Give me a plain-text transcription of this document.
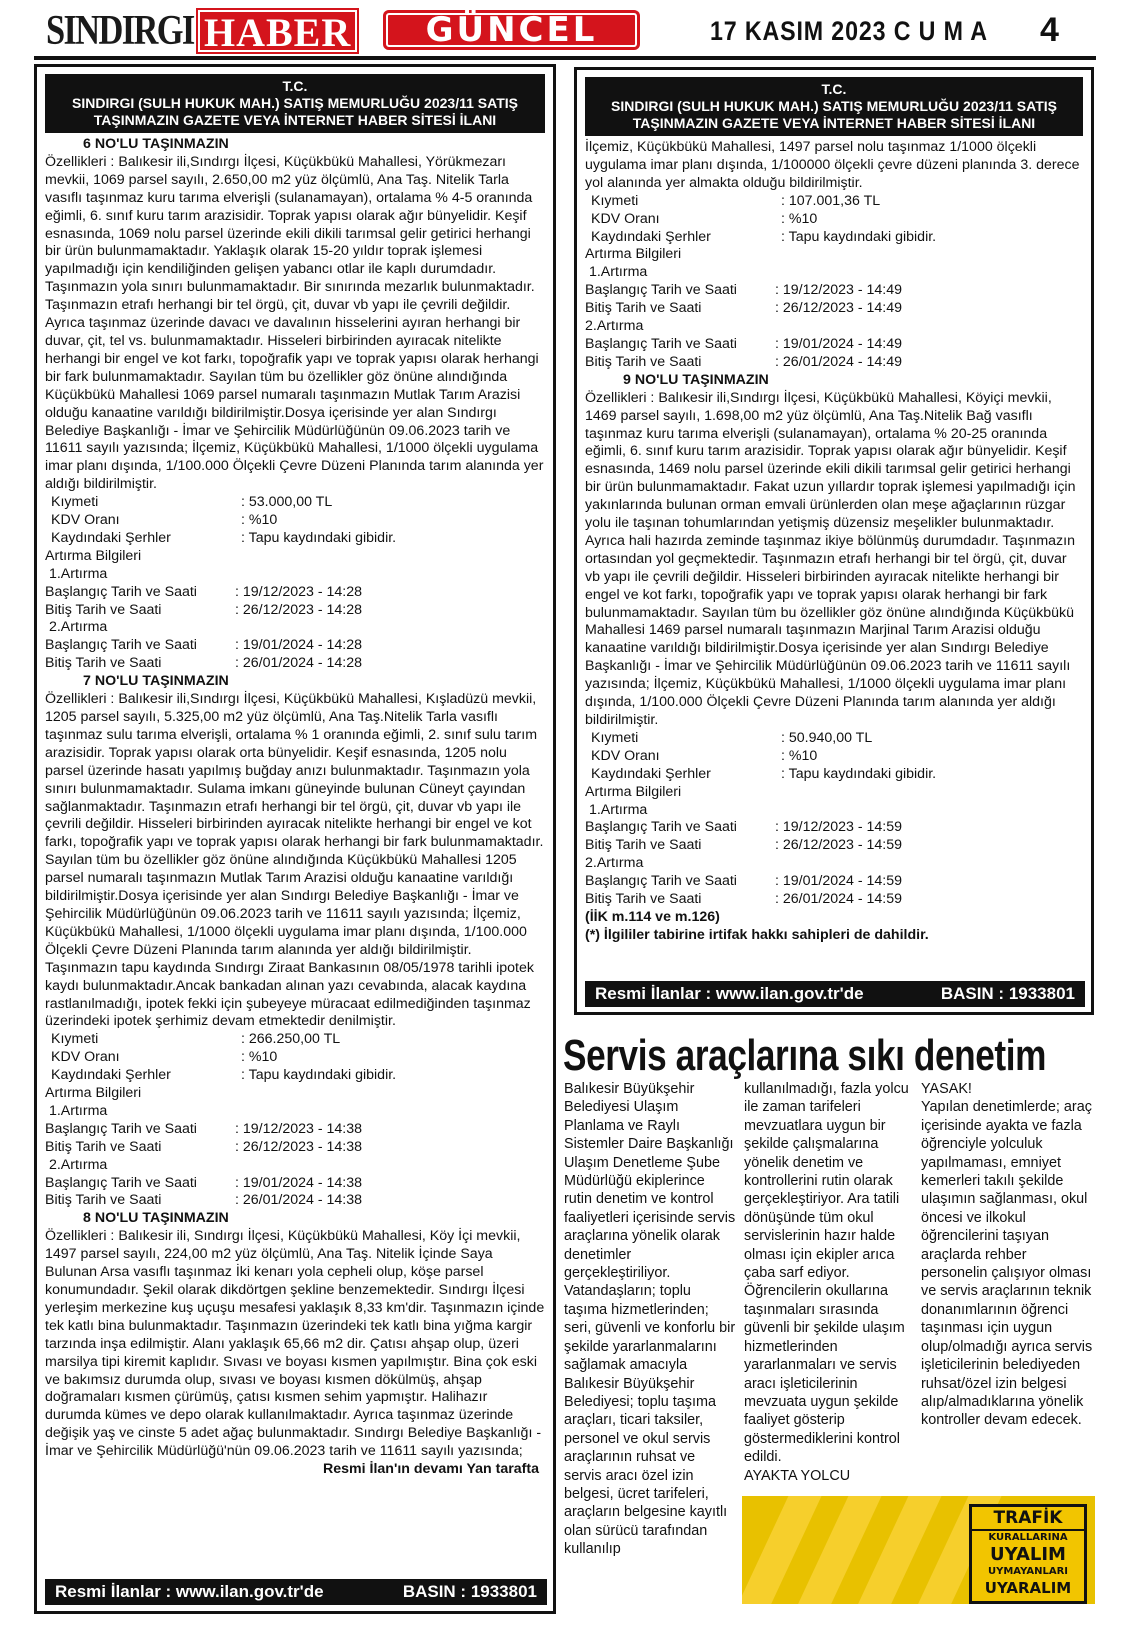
SINDIRGI HABER	GÜNCEL	17 KASIM 2023 C U M A 4
T.C.
SINDIRGI (SULH HUKUK MAH.) SATIŞ MEMURLUĞU 2023/11 SATIŞ
TAŞINMAZIN GAZETE VEYA İNTERNET HABER SİTESİ İLANI

6 NO'LU TAŞINMAZIN

Özellikleri : Balıkesir ili,Sındırgı İlçesi, Küçükbükü Mahallesi, Yörükmezarı mevkii, 1069 parsel sayılı, 2.650,00 m2 yüz ölçümlü, Ana Taş. Nitelik Tarla vasıflı taşınmaz kuru tarıma elverişli (sulanamayan), ortalama % 4-5 oranında eğimli, 6. sınıf kuru tarım arazisidir. Toprak yapısı olarak ağır bünyelidir. Keşif esnasında, 1069 nolu parsel üzerinde ekili dikili tarımsal gelir getirici herhangi bir ürün bulunmamaktadır. Yaklaşık olarak 15-20 yıldır toprak işlemesi yapılmadığı için kendiliğinden gelişen yabancı otlar ile kaplı durumdadır. Taşınmazın yola sınırı bulunmamaktadır. Bir sınırında mezarlık bulunmaktadır. Taşınmazın etrafı herhangi bir tel örgü, çit, duvar vb yapı ile çevrili değildir. Ayrıca taşınmaz üzerinde davacı ve davalının hisselerini ayıran herhangi bir duvar, çit, tel vs. bulunmamaktadır. Hisseleri birbirinden ayıracak nitelikte herhangi bir engel ve kot farkı, topoğrafik yapı ve toprak yapısı olarak herhangi bir fark bulunmamaktadır. Sayılan tüm bu özellikler göz önüne alındığında Küçükbükü Mahallesi 1069 parsel numaralı taşınmazın Mutlak Tarım Arazisi olduğu kanaatine varıldığı bildirilmiştir.Dosya içerisinde yer alan Sındırgı Belediye Başkanlığı - İmar ve Şehircilik Müdürlüğünün 09.06.2023 tarih ve 11611 sayılı yazısında; İlçemiz, Küçükbükü Mahallesi, 1/1000 ölçekli uygulama imar planı dışında, 1/100.000 Ölçekli Çevre Düzeni Planında tarım alanında yer aldığı bildirilmiştir.

Kıymeti	: 53.000,00 TL
KDV Oranı	: %10
Kaydındaki Şerhler	: Tapu kaydındaki gibidir.

Artırma Bilgileri

1.Artırma

Başlangıç Tarih ve Saati	: 19/12/2023 - 14:28
Bitiş Tarih ve Saati	: 26/12/2023 - 14:28

2.Artırma

Başlangıç Tarih ve Saati	: 19/01/2024 - 14:28
Bitiş Tarih ve Saati	: 26/01/2024 - 14:28

7 NO'LU TAŞINMAZIN

Özellikleri : Balıkesir ili,Sındırgı İlçesi, Küçükbükü Mahallesi, Kışladüzü mevkii, 1205 parsel sayılı, 5.325,00 m2 yüz ölçümlü, Ana Taş.Nitelik Tarla vasıflı taşınmaz sulu tarıma elverişli, ortalama % 1 oranında eğimli, 2. sınıf sulu tarım arazisidir. Toprak yapısı olarak orta bünyelidir. Keşif esnasında, 1205 nolu parsel üzerinde hasatı yapılmış buğday anızı bulunmaktadır. Taşınmazın yola sınırı bulunmamaktadır. Sulama imkanı güneyinde bulunan Cüneyt çayından sağlanmaktadır. Taşınmazın etrafı herhangi bir tel örgü, çit, duvar vb yapı ile çevrili değildir. Hisseleri birbirinden ayıracak nitelikte herhangi bir engel ve kot farkı, topoğrafik yapı ve toprak yapısı olarak herhangi bir fark bulunmamaktadır. Sayılan tüm bu özellikler göz önüne alındığında Küçükbükü Mahallesi 1205 parsel numaralı taşınmazın Mutlak Tarım Arazisi olduğu kanaatine varıldığı bildirilmiştir.Dosya içerisinde yer alan Sındırgı Belediye Başkanlığı - İmar ve Şehircilik Müdürlüğünün 09.06.2023 tarih ve 11611 sayılı yazısında; İlçemiz, Küçükbükü Mahallesi, 1/1000 ölçekli uygulama imar planı dışında, 1/100.000 Ölçekli Çevre Düzeni Planında tarım alanında yer aldığı bildirilmiştir. Taşınmazın tapu kaydında Sındırgı Ziraat Bankasının 08/05/1978 tarihli ipotek kaydı bulunmaktadır.Ancak bankadan alınan yazı cevabında, alacak kaydına rastlanılmadığı, ipotek fekki için şubeyeye müracaat edilmediğinden taşınmaz üzerindeki ipotek şerhimiz devam etmektedir denilmiştir.

Kıymeti	: 266.250,00 TL
KDV Oranı	: %10
Kaydındaki Şerhler	: Tapu kaydındaki gibidir.

Artırma Bilgileri

1.Artırma

Başlangıç Tarih ve Saati	: 19/12/2023 - 14:38
Bitiş Tarih ve Saati	: 26/12/2023 - 14:38

2.Artırma

Başlangıç Tarih ve Saati	: 19/01/2024 - 14:38
Bitiş Tarih ve Saati	: 26/01/2024 - 14:38

8 NO'LU TAŞINMAZIN

Özellikleri : Balıkesir ili, Sındırgı İlçesi, Küçükbükü Mahallesi, Köy İçi mevkii, 1497 parsel sayılı, 224,00 m2 yüz ölçümlü, Ana Taş. Nitelik İçinde Saya Bulunan Arsa vasıflı taşınmaz İki kenarı yola cepheli olup, köşe parsel konumundadır. Şekil olarak dikdörtgen şekline benzemektedir. Sındırgı İlçesi yerleşim merkezine kuş uçuşu mesafesi yaklaşık 8,33 km'dir. Taşınmazın içinde tek katlı bina bulunmaktadır. Taşınmazın üzerindeki tek katlı bina yığma kargir tarzında inşa edilmiştir. Alanı yaklaşık 65,66 m2 dir. Çatısı ahşap olup, üzeri marsilya tipi kiremit kaplıdır. Sıvası ve boyası kısmen yapılmıştır. Bina çok eski ve bakımsız durumda olup, sıvası ve boyası kısmen dökülmüş, ahşap doğramaları kısmen çürümüş, çatısı kısmen sehim yapmıştır. Halihazır durumda kümes ve depo olarak kullanılmaktadır. Ayrıca taşınmaz üzerinde değişik yaş ve cinste 5 adet ağaç bulunmaktadır. Sındırgı Belediye Başkanlığı - İmar ve Şehircilik Müdürlüğü'nün 09.06.2023 tarih ve 11611 sayılı yazısında;

Resmi İlan'ın devamı Yan tarafta

Resmi İlanlar : www.ilan.gov.tr'de	BASIN : 1933801
T.C.
SINDIRGI (SULH HUKUK MAH.) SATIŞ MEMURLUĞU 2023/11 SATIŞ
TAŞINMAZIN GAZETE VEYA İNTERNET HABER SİTESİ İLANI

İlçemiz, Küçükbükü Mahallesi, 1497 parsel nolu taşınmaz 1/1000 ölçekli uygulama imar planı dışında, 1/100000 ölçekli çevre düzeni planında 3. derece yol alanında yer almakta olduğu bildirilmiştir.

Kıymeti	: 107.001,36 TL
KDV Oranı	: %10
Kaydındaki Şerhler	: Tapu kaydındaki gibidir.

Artırma Bilgileri

1.Artırma

Başlangıç Tarih ve Saati	: 19/12/2023 - 14:49
Bitiş Tarih ve Saati	: 26/12/2023 - 14:49

2.Artırma

Başlangıç Tarih ve Saati	: 19/01/2024 - 14:49
Bitiş Tarih ve Saati	: 26/01/2024 - 14:49

9 NO'LU TAŞINMAZIN

Özellikleri : Balıkesir ili,Sındırgı İlçesi, Küçükbükü Mahallesi, Köyiçi mevkii, 1469 parsel sayılı, 1.698,00 m2 yüz ölçümlü, Ana Taş.Nitelik Bağ vasıflı taşınmaz kuru tarıma elverişli (sulanamayan), ortalama % 20-25 oranında eğimli, 6. sınıf kuru tarım arazisidir. Toprak yapısı olarak ağır bünyelidir. Keşif esnasında, 1469 nolu parsel üzerinde ekili dikili tarımsal gelir getirici herhangi bir ürün bulunmamaktadır. Fakat uzun yıllardır toprak işlemesi yapılmadığı için yakınlarında bulunan orman emvali ürünlerden olan meşe ağaçlarının rüzgar yolu ile taşınan tohumlarından yetişmiş düzensiz meşelikler bulunmaktadır. Ayrıca hali hazırda zeminde taşınmaz ikiye bölünmüş durumdadır. Taşınmazın ortasından yol geçmektedir. Taşınmazın etrafı herhangi bir tel örgü, çit, duvar vb yapı ile çevrili değildir. Hisseleri birbirinden ayıracak nitelikte herhangi bir engel ve kot farkı, topoğrafik yapı ve toprak yapısı olarak herhangi bir fark bulunmamaktadır. Sayılan tüm bu özellikler göz önüne alındığında Küçükbükü Mahallesi 1469 parsel numaralı taşınmazın Marjinal Tarım Arazisi olduğu kanaatine varıldığı bildirilmiştir.Dosya içerisinde yer alan Sındırgı Belediye Başkanlığı - İmar ve Şehircilik Müdürlüğünün 09.06.2023 tarih ve 11611 sayılı yazısında; İlçemiz, Küçükbükü Mahallesi, 1/1000 ölçekli uygulama imar planı dışında, 1/100.000 Ölçekli Çevre Düzeni Planında tarım alanında yer aldığı bildirilmiştir.

Kıymeti	: 50.940,00 TL
KDV Oranı	: %10
Kaydındaki Şerhler	: Tapu kaydındaki gibidir.

Artırma Bilgileri

1.Artırma

Başlangıç Tarih ve Saati	: 19/12/2023 - 14:59
Bitiş Tarih ve Saati	: 26/12/2023 - 14:59

2.Artırma

Başlangıç Tarih ve Saati	: 19/01/2024 - 14:59
Bitiş Tarih ve Saati	: 26/01/2024 - 14:59

(İİK m.114 ve m.126)

(*) İlgililer tabirine irtifak hakkı sahipleri de dahildir.

Resmi İlanlar : www.ilan.gov.tr'de	BASIN : 1933801
Servis araçlarına sıkı denetim

Balıkesir Büyükşehir Belediyesi Ulaşım Planlama ve Raylı Sistemler Daire Başkanlığı Ulaşım Denetleme Şube Müdürlüğü ekiplerince rutin denetim ve kontrol faaliyetleri içerisinde servis araçlarına yönelik olarak denetimler gerçekleştiriliyor.

Vatandaşların; toplu taşıma hizmetlerinden; seri, güvenli ve konforlu bir şekilde yararlanmalarını sağlamak amacıyla Balıkesir Büyükşehir Belediyesi; toplu taşıma araçları, ticari taksiler, personel ve okul servis araçlarının ruhsat ve servis aracı özel izin belgesi, ücret tarifeleri, araçların belgesine kayıtlı olan sürücü tarafından kullanılıp

kullanılmadığı, fazla yolcu ile zaman tarifeleri mevzuatlara uygun bir şekilde çalışmalarına yönelik denetim ve kontrollerini rutin olarak gerçekleştiriyor. Ara tatili dönüşünde tüm okul servislerinin hazır halde olması için ekipler arıca çaba sarf ediyor. Öğrencilerin okullarına taşınmaları sırasında güvenli bir şekilde ulaşım hizmetlerinden yararlanmaları ve servis aracı işleticilerinin mevzuata uygun şekilde faaliyet gösterip göstermediklerini kontrol edildi.

AYAKTA YOLCU

YASAK!

Yapılan denetimlerde; araç içerisinde ayakta ve fazla öğrenciyle yolculuk yapılmaması, emniyet kemerleri takılı şekilde ulaşımın sağlanması, okul öncesi ve ilkokul öğrencilerini taşıyan araçlarda rehber personelin çalışıyor olması ve servis araçlarının teknik donanımlarının öğrenci taşınması için uygun olup/olmadığı ayrıca servis işleticilerinin belediyeden ruhsat/özel izin belgesi alıp/almadıklarına yönelik kontroller devam edecek.

TRAFİK
KURALLARINA
UYALIM
UYMAYANLARI
UYARALIM
